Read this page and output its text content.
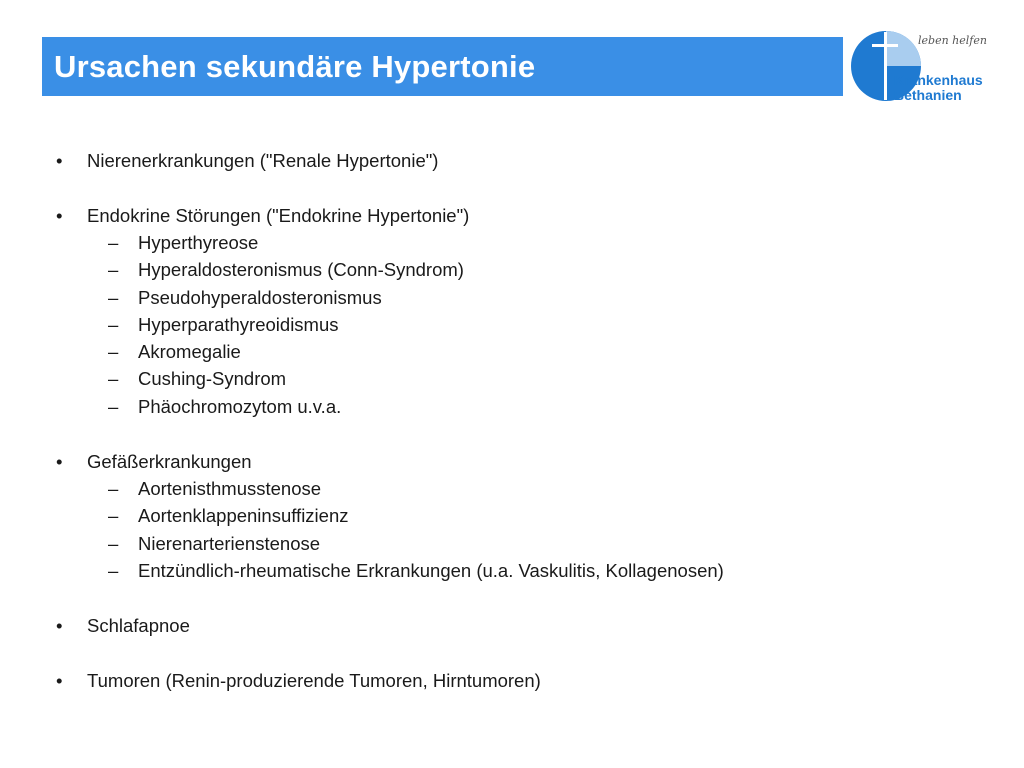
Ursachen sekundäre Hypertonie
leben helfen
Krankenhaus
Bethanien
• Nierenerkrankungen ("Renale Hypertonie")
• Endokrine Störungen ("Endokrine Hypertonie")
– Hyperthyreose
– Hyperaldosteronismus (Conn-Syndrom)
– Pseudohyperaldosteronismus
– Hyperparathyreoidismus
– Akromegalie
– Cushing-Syndrom
– Phäochromozytom u.v.a.
• Gefäßerkrankungen
– Aortenisthmusstenose
– Aortenklappeninsuffizienz
– Nierenarterienstenose
– Entzündlich-rheumatische Erkrankungen (u.a. Vaskulitis, Kollagenosen)
• Schlafapnoe
• Tumoren (Renin-produzierende Tumoren, Hirntumoren)
